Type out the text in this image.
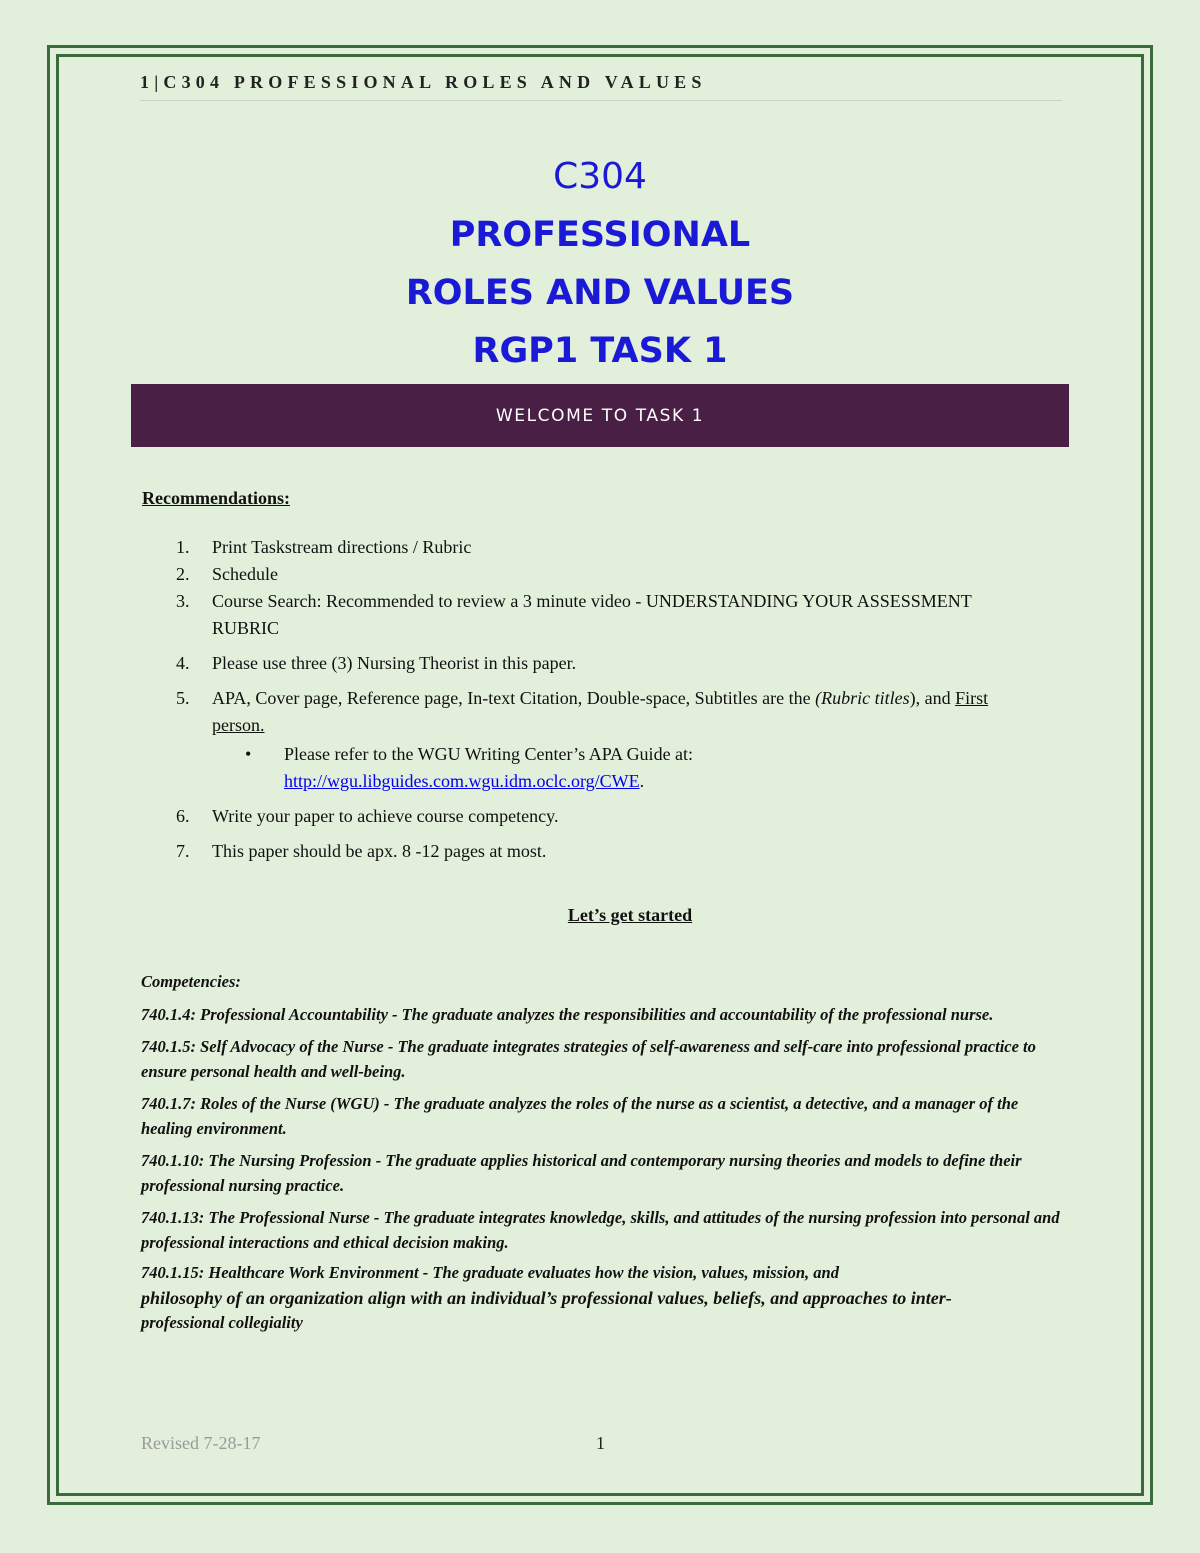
1|C304 PROFESSIONAL ROLES AND VALUES

C304

PROFESSIONAL

ROLES AND VALUES

RGP1 TASK 1

WELCOME TO TASK 1
Recommendations:
1. Print Taskstream directions / Rubric
2. Schedule
3. Course Search: Recommended to review a 3 minute video - UNDERSTANDING YOUR ASSESSMENT RUBRIC
4. Please use three (3) Nursing Theorist in this paper.
5. APA, Cover page, Reference page, In-text Citation, Double-space, Subtitles are the (Rubric titles), and First person.
• Please refer to the WGU Writing Center’s APA Guide at: http://wgu.libguides.com.wgu.idm.oclc.org/CWE.
6. Write your paper to achieve course competency.
7. This paper should be apx. 8 -12 pages at most.
Let’s get started

Competencies:

740.1.4: Professional Accountability - The graduate analyzes the responsibilities and accountability of the professional nurse.

740.1.5: Self Advocacy of the Nurse - The graduate integrates strategies of self-awareness and self-care into professional practice to ensure personal health and well-being.

740.1.7: Roles of the Nurse (WGU) - The graduate analyzes the roles of the nurse as a scientist, a detective, and a manager of the healing environment.

740.1.10: The Nursing Profession - The graduate applies historical and contemporary nursing theories and models to define their professional nursing practice.

740.1.13: The Professional Nurse - The graduate integrates knowledge, skills, and attitudes of the nursing profession into personal and professional interactions and ethical decision making.

740.1.15: Healthcare Work Environment - The graduate evaluates how the vision, values, mission, and
philosophy of an organization align with an individual’s professional values, beliefs, and approaches to inter-
professional collegiality

Revised 7-28-17	1
